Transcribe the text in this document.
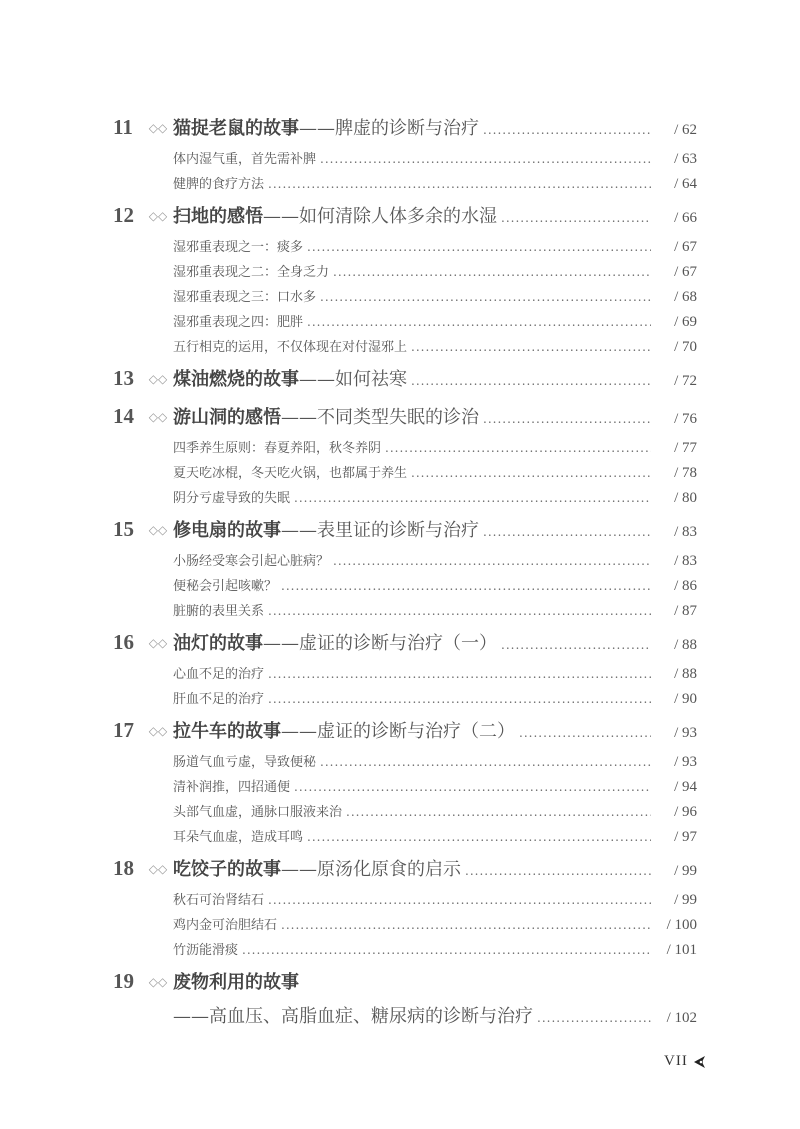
11	◇◇ 猫捉老鼠的故事 ——脾虚的诊断与治疗 .....	/ 62
体内湿气重，首先需补脾 .....	/ 63
健脾的食疗方法 .....	/ 64
12	◇◇ 扫地的感悟 ——如何清除人体多余的水湿 .....	/ 66
湿邪重表现之一：痰多 .....	/ 67
湿邪重表现之二：全身乏力 .....	/ 67
湿邪重表现之三：口水多 .....	/ 68
湿邪重表现之四：肥胖 .....	/ 69
五行相克的运用，不仅体现在对付湿邪上 .....	/ 70
13	◇◇ 煤油燃烧的故事 ——如何祛寒 .....	/ 72
14	◇◇ 游山洞的感悟 ——不同类型失眠的诊治 .....	/ 76
四季养生原则：春夏养阳，秋冬养阴 .....	/ 77
夏天吃冰棍，冬天吃火锅，也都属于养生 .....	/ 78
阴分亏虚导致的失眠 .....	/ 80
15	◇◇ 修电扇的故事 ——表里证的诊断与治疗 .....	/ 83
小肠经受寒会引起心脏病？ .....	/ 83
便秘会引起咳嗽？ .....	/ 86
脏腑的表里关系 .....	/ 87
16	◇◇ 油灯的故事 ——虚证的诊断与治疗（一） .....	/ 88
心血不足的治疗 .....	/ 88
肝血不足的治疗 .....	/ 90
17	◇◇ 拉牛车的故事 ——虚证的诊断与治疗（二） .....	/ 93
肠道气血亏虚，导致便秘 .....	/ 93
清补润推，四招通便 .....	/ 94
头部气血虚，通脉口服液来治 .....	/ 96
耳朵气血虚，造成耳鸣 .....	/ 97
18	◇◇ 吃饺子的故事 ——原汤化原食的启示 .....	/ 99
秋石可治肾结石 .....	/ 99
鸡内金可治胆结石 .....	/ 100
竹沥能滑痰 .....	/ 101
19	◇◇ 废物利用的故事
——高血压、高脂血症、糖尿病的诊断与治疗 .....	/ 102
VII
